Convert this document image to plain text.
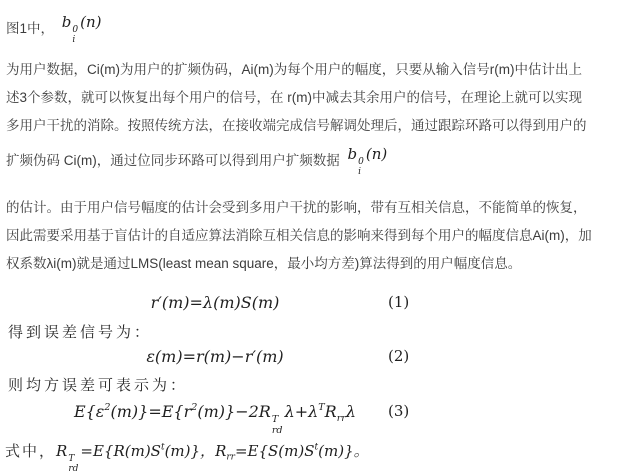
图1中， b 0
i
(n)
为用户数据，Ci(m)为用户的扩频伪码，Ai(m)为每个用户的幅度，只要从输入信号r(m)中估计出上
述3个参数，就可以恢复出每个用户的信号，在 r(m)中减去其余用户的信号，在理论上就可以实现
多用户干扰的消除。按照传统方法，在接收端完成信号解调处理后，通过跟踪环路可以得到用户的
扩频伪码 Ci(m)，通过位同步环路可以得到用户扩频数据 b 0
i
(n)
的估计。由于用户信号幅度的估计会受到多用户干扰的影响，带有互相关信息，不能简单的恢复，
因此需要采用基于盲估计的自适应算法消除互相关信息的影响来得到每个用户的幅度信息Ai(m)，加
权系数λi(m)就是通过LMS(least mean square，最小均方差)算法得到的用户幅度信息。
r′(m)=λ(m)S(m)	(1)
得到误差信号为：
ε(m)=r(m)−r′(m)	(2)
则均方误差可表示为：
$E\{\varepsilon^2(m)\}=E\{r^2(m)\}-2R$ T
rd
$\lambda+\lambda^TR_{rr}\lambda$ (3)
式中，R T
rd
$=E\{R(m)S^t(m)\}$，$R_{rr}=E\{S(m)S^t(m)\}$。
